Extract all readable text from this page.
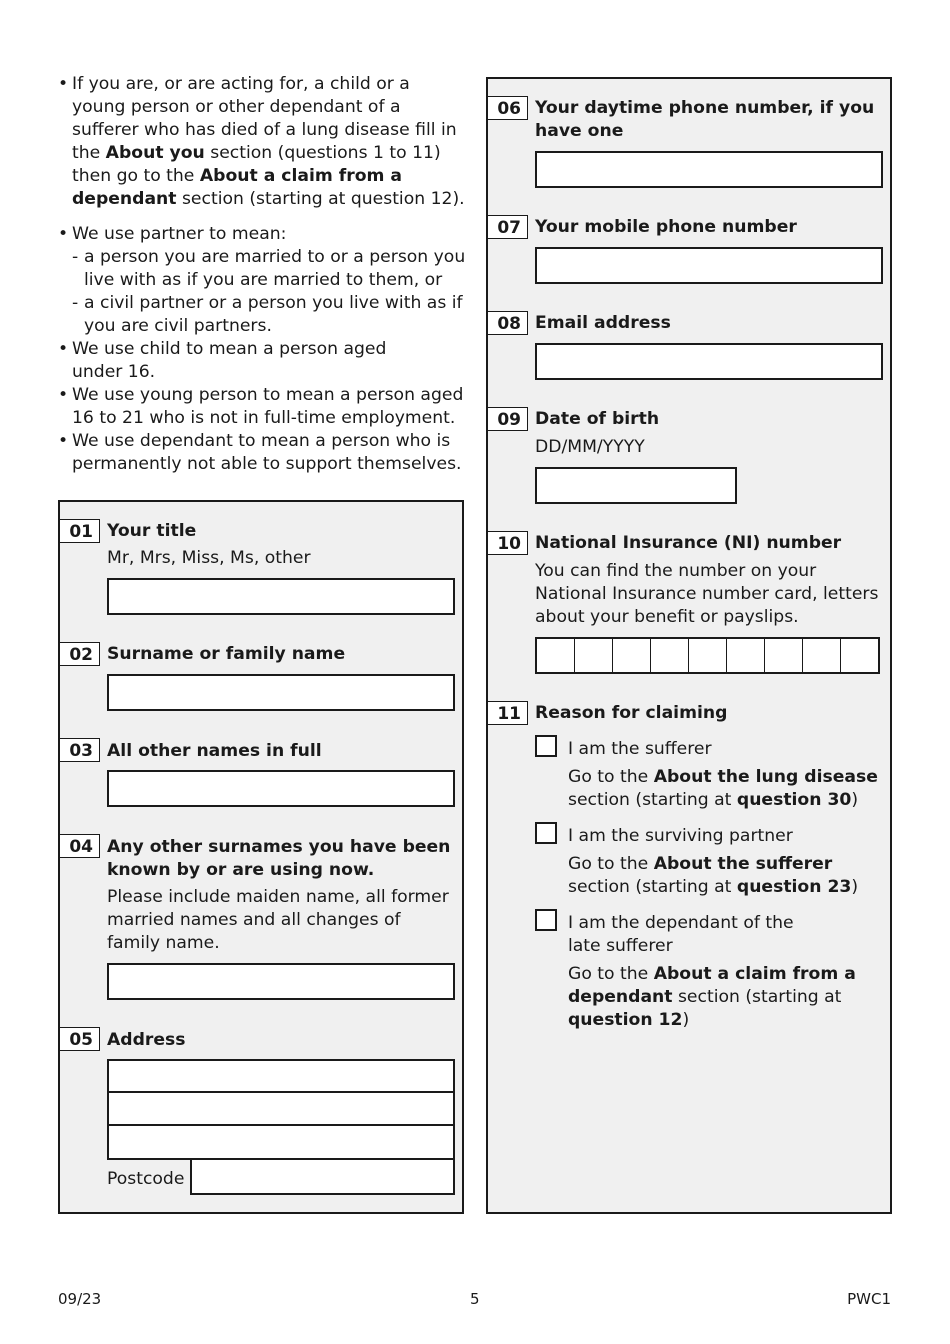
• If you are, or are acting for, a child or a young person or other dependant of a sufferer who has died of a lung disease fill in the About you section (questions 1 to 11) then go to the About a claim from a dependant section (starting at question 12).
• We use partner to mean:
- a person you are married to or a person you live with as if you are married to them, or
- a civil partner or a person you live with as if you are civil partners.
• We use child to mean a person aged under 16.
• We use young person to mean a person aged 16 to 21 who is not in full-time employment.
• We use dependant to mean a person who is permanently not able to support themselves.
01 Your title
Mr, Mrs, Miss, Ms, other
02 Surname or family name
03 All other names in full
04 Any other surnames you have been known by or are using now.
Please include maiden name, all former married names and all changes of family name.
05 Address
Postcode
06 Your daytime phone number, if you have one
07 Your mobile phone number
08 Email address
09 Date of birth
DD/MM/YYYY
10 National Insurance (NI) number
You can find the number on your National Insurance number card, letters about your benefit or payslips.
11 Reason for claiming
I am the sufferer
Go to the About the lung disease section (starting at question 30)
I am the surviving partner
Go to the About the sufferer section (starting at question 23)
I am the dependant of the late sufferer
Go to the About a claim from a dependant section (starting at question 12)
09/23	5	PWC1
